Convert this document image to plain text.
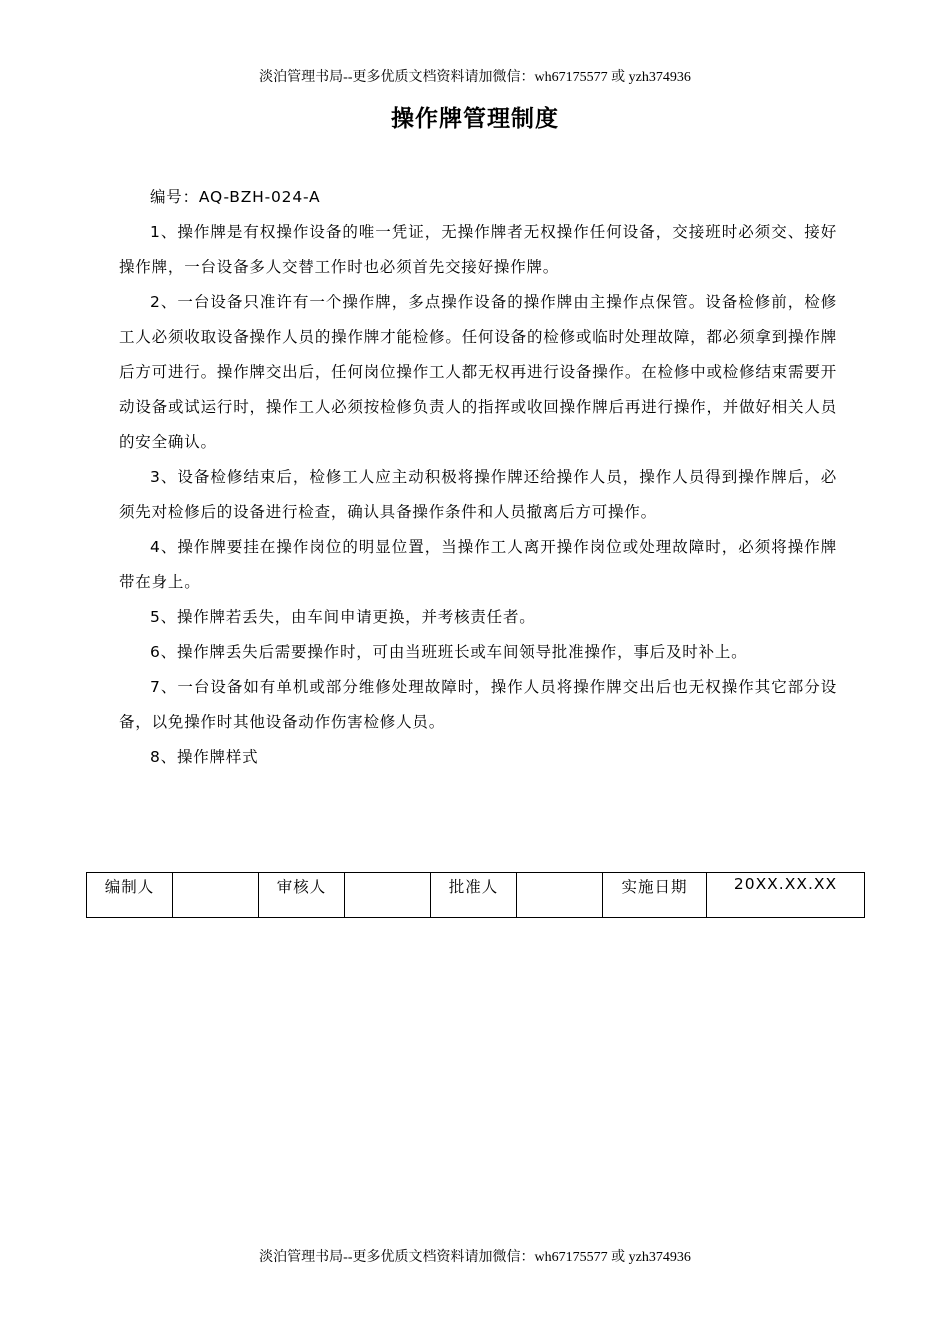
淡泊管理书局--更多优质文档资料请加微信：wh67175577 或 yzh374936
操作牌管理制度

编号：AQ-BZH-024-A

1、操作牌是有权操作设备的唯一凭证，无操作牌者无权操作任何设备，交接班时必须交、接好操作牌，一台设备多人交替工作时也必须首先交接好操作牌。

2、一台设备只准许有一个操作牌，多点操作设备的操作牌由主操作点保管。设备检修前，检修工人必须收取设备操作人员的操作牌才能检修。任何设备的检修或临时处理故障，都必须拿到操作牌后方可进行。操作牌交出后，任何岗位操作工人都无权再进行设备操作。在检修中或检修结束需要开动设备或试运行时，操作工人必须按检修负责人的指挥或收回操作牌后再进行操作，并做好相关人员的安全确认。

3、设备检修结束后，检修工人应主动积极将操作牌还给操作人员，操作人员得到操作牌后，必须先对检修后的设备进行检查，确认具备操作条件和人员撤离后方可操作。

4、操作牌要挂在操作岗位的明显位置，当操作工人离开操作岗位或处理故障时，必须将操作牌带在身上。

5、操作牌若丢失，由车间申请更换，并考核责任者。

6、操作牌丢失后需要操作时，可由当班班长或车间领导批准操作，事后及时补上。

7、一台设备如有单机或部分维修处理故障时，操作人员将操作牌交出后也无权操作其它部分设备，以免操作时其他设备动作伤害检修人员。

8、操作牌样式

编制人		审核人		批准人		实施日期	20XX.XX.XX
淡泊管理书局--更多优质文档资料请加微信：wh67175577 或 yzh374936
